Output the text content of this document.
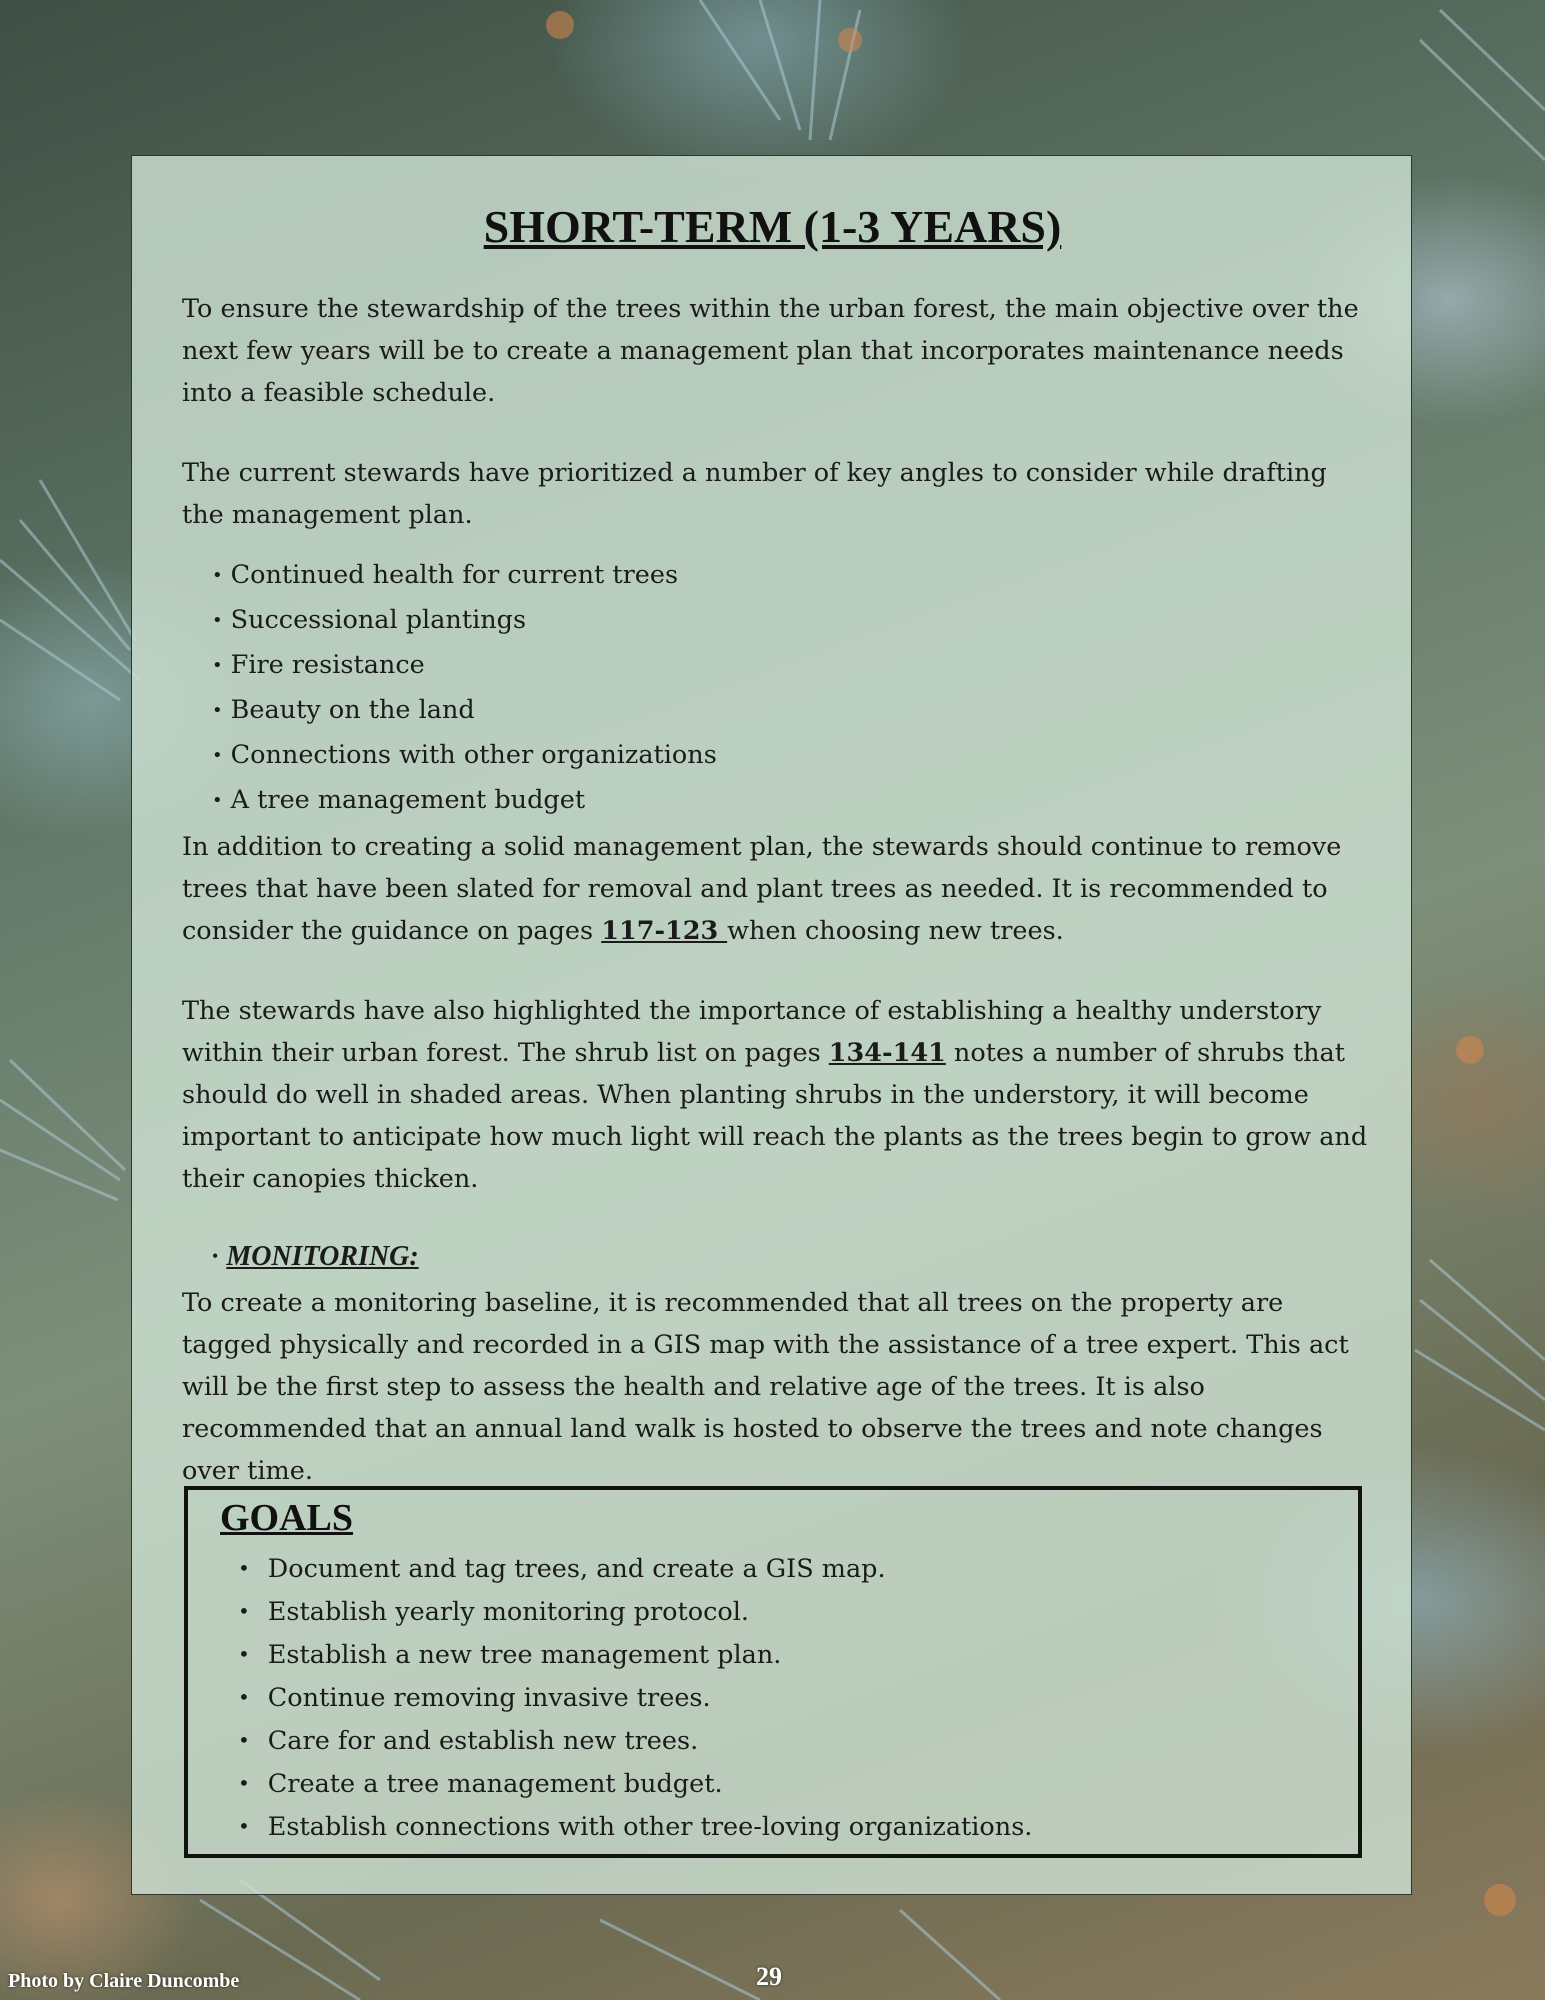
SHORT-TERM (1-3 YEARS)

To ensure the stewardship of the trees within the urban forest, the main objective over the next few years will be to create a management plan that incorporates maintenance needs into a feasible schedule.

The current stewards have prioritized a number of key angles to consider while drafting the management plan.

• Continued health for current trees
• Successional plantings
• Fire resistance
• Beauty on the land
• Connections with other organizations
• A tree management budget

In addition to creating a solid management plan, the stewards should continue to remove trees that have been slated for removal and plant trees as needed. It is recommended to consider the guidance on pages 117-123 when choosing new trees.

The stewards have also highlighted the importance of establishing a healthy understory within their urban forest. The shrub list on pages 134-141 notes a number of shrubs that should do well in shaded areas. When planting shrubs in the understory, it will become important to anticipate how much light will reach the plants as the trees begin to grow and their canopies thicken.

• MONITORING:

To create a monitoring baseline, it is recommended that all trees on the property are tagged physically and recorded in a GIS map with the assistance of a tree expert. This act will be the first step to assess the health and relative age of the trees. It is also recommended that an annual land walk is hosted to observe the trees and note changes over time.

GOALS
• Document and tag trees, and create a GIS map.
• Establish yearly monitoring protocol.
• Establish a new tree management plan.
• Continue removing invasive trees.
• Care for and establish new trees.
• Create a tree management budget.
• Establish connections with other tree-loving organizations.
Photo by Claire Duncombe	29
